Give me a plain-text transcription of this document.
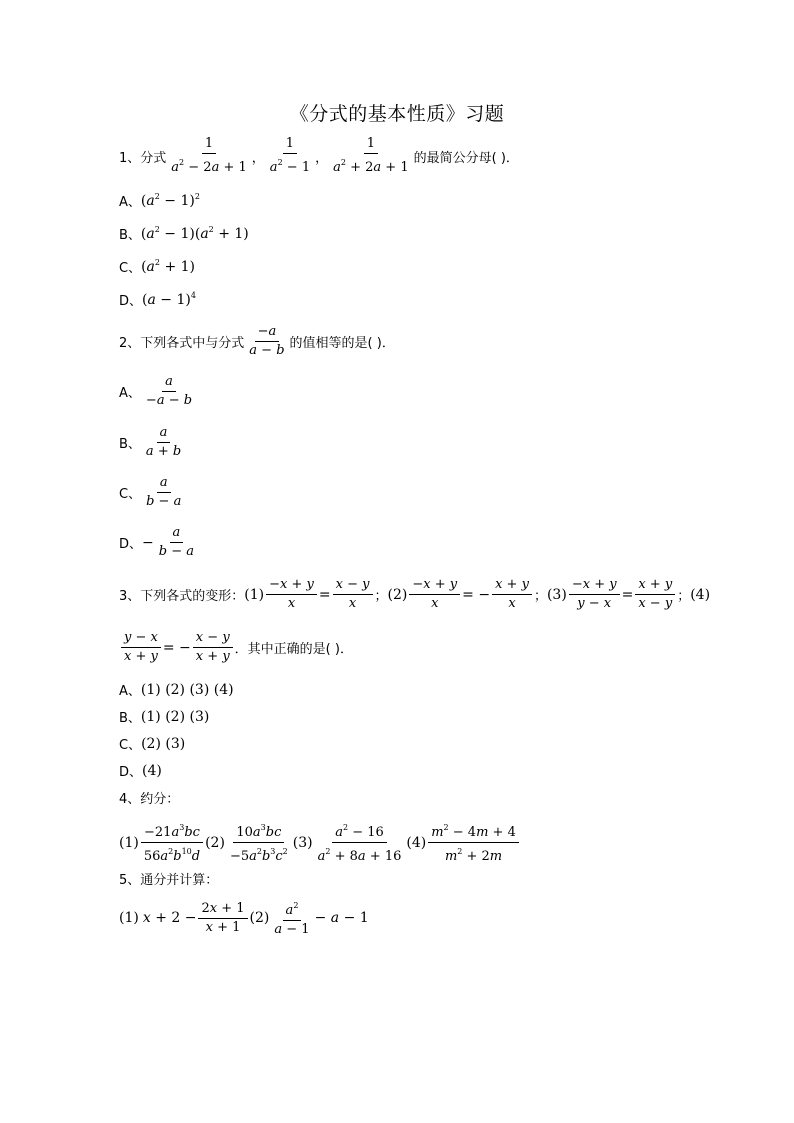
《分式的基本性质》习题
1、分式 $\frac{1}{a^2 - 2a + 1}$ ， $\frac{1}{a^2 - 1}$ ， $\frac{1}{a^2 + 2a + 1}$ 的最简公分母( )．
A、 $(a^2 - 1)^2$
B、 $(a^2 - 1)(a^2 + 1)$
C、 $(a^2 + 1)$
D、 $(a - 1)^4$
2、下列各式中与分式 $\frac{-a}{a - b}$ 的值相等的是( )．
A、 $\frac{a}{-a - b}$
B、 $\frac{a}{a + b}$
C、 $\frac{a}{b - a}$
D、 − $\frac{a}{b - a}$
3、下列各式的变形： $(1) \frac{-x + y}{x} = \frac{x - y}{x}$ ； $(2) \frac{-x + y}{x}$ = − $\frac{x + y}{x}$ ； $(3) \frac{-x + y}{y - x} = \frac{x + y}{x - y}$ ； (4)
$\frac{y - x}{x + y}$ = − $\frac{x - y}{x + y}$ ．其中正确的是( )．
A、 (1) (2) (3) (4)
B、 (1) (2) (3)
C、 (2) (3)
D、 (4)
4、约分：
$(1) \frac{-21a^3bc}{56a^2b^{10}d} (2) \frac{10a^3bc}{-5a^2b^3c^2} (3) \frac{a^2 - 16}{a^2 + 8a + 16} (4) \frac{m^2 - 4m + 4}{m^2 + 2m}$
5、通分并计算：
(1) $x + 2 - \frac{2x + 1}{x + 1} (2) \frac{a^2}{a - 1} - a - 1$
